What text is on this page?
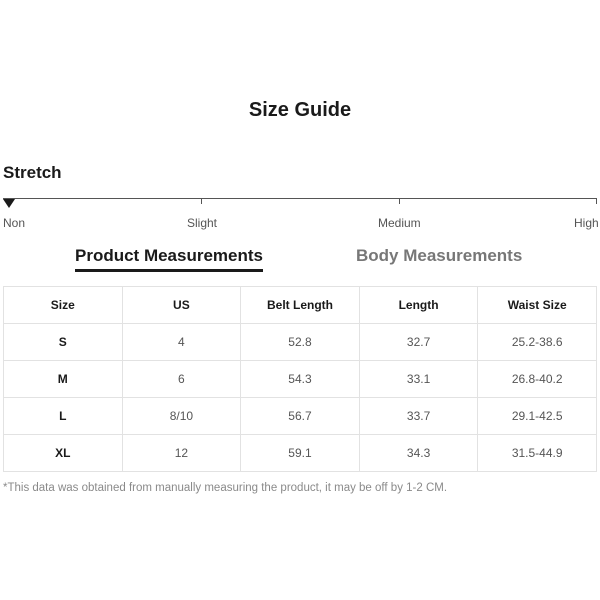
Size Guide
Stretch
Non	Slight	Medium	High
Product Measurements	Body Measurements
Size	US	Belt Length	Length	Waist Size
S	4	52.8	32.7	25.2-38.6
M	6	54.3	33.1	26.8-40.2
L	8/10	56.7	33.7	29.1-42.5
XL	12	59.1	34.3	31.5-44.9
*This data was obtained from manually measuring the product, it may be off by 1-2 CM.
